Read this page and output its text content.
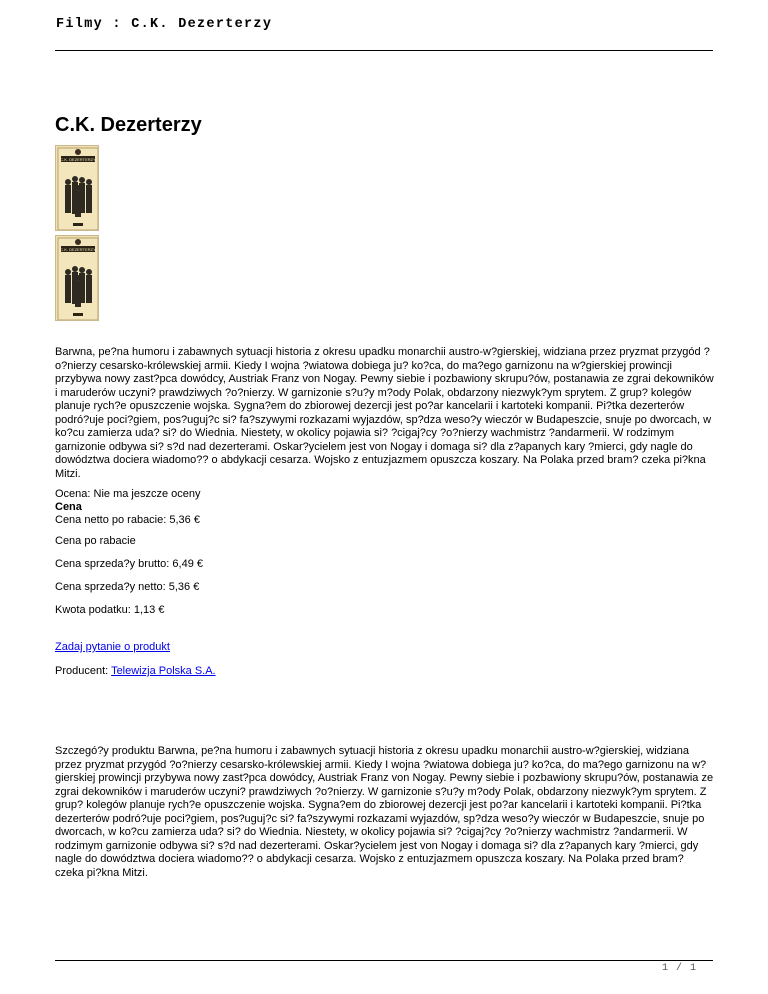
Filmy : C.K. Dezerterzy
C.K. Dezerterzy
C.K. DEZERTERZY
C.K. DEZERTERZY

Barwna, pe?na humoru i zabawnych sytuacji historia z okresu upadku monarchii austro-w?gierskiej, widziana przez pryzmat przygód ?o?nierzy cesarsko-królewskiej armii. Kiedy I wojna ?wiatowa dobiega ju? ko?ca, do ma?ego garnizonu na w?gierskiej prowincji przybywa nowy zast?pca dowódcy, Austriak Franz von Nogay. Pewny siebie i pozbawiony skrupu?ów, postanawia ze zgrai dekowników i maruderów uczyni? prawdziwych ?o?nierzy. W garnizonie s?u?y m?ody Polak, obdarzony niezwyk?ym sprytem. Z grup? kolegów planuje rych?e opuszczenie wojska. Sygna?em do zbiorowej dezercji jest po?ar kancelarii i kartoteki kompanii. Pi?tka dezerterów podró?uje poci?giem, pos?uguj?c si? fa?szywymi rozkazami wyjazdów, sp?dza weso?y wieczór w Budapeszcie, snuje po dworcach, w ko?cu zamierza uda? si? do Wiednia. Niestety, w okolicy pojawia si? ?cigaj?cy ?o?nierzy wachmistrz ?andarmerii. W rodzimym garnizonie odbywa si? s?d nad dezerterami. Oskar?ycielem jest von Nogay i domaga si? dla z?apanych kary ?mierci, gdy nagle do dowództwa dociera wiadomo?? o abdykacji cesarza. Wojsko z entuzjazmem opuszcza koszary. Na Polaka przed bram? czeka pi?kna Mitzi.

Ocena: Nie ma jeszcze oceny
Cena
Cena netto po rabacie: 5,36 €
Cena po rabacie
Cena sprzeda?y brutto: 6,49 €
Cena sprzeda?y netto: 5,36 €
Kwota podatku: 1,13 €
Zadaj pytanie o produkt
Producent: Telewizja Polska S.A.

Szczegó?y produktu Barwna, pe?na humoru i zabawnych sytuacji historia z okresu upadku monarchii austro-w?gierskiej, widziana przez pryzmat przygód ?o?nierzy cesarsko-królewskiej armii. Kiedy I wojna ?wiatowa dobiega ju? ko?ca, do ma?ego garnizonu na w?gierskiej prowincji przybywa nowy zast?pca dowódcy, Austriak Franz von Nogay. Pewny siebie i pozbawiony skrupu?ów, postanawia ze zgrai dekowników i maruderów uczyni? prawdziwych ?o?nierzy. W garnizonie s?u?y m?ody Polak, obdarzony niezwyk?ym sprytem. Z grup? kolegów planuje rych?e opuszczenie wojska. Sygna?em do zbiorowej dezercji jest po?ar kancelarii i kartoteki kompanii. Pi?tka dezerterów podró?uje poci?giem, pos?uguj?c si? fa?szywymi rozkazami wyjazdów, sp?dza weso?y wieczór w Budapeszcie, snuje po dworcach, w ko?cu zamierza uda? si? do Wiednia. Niestety, w okolicy pojawia si? ?cigaj?cy ?o?nierzy wachmistrz ?andarmerii. W rodzimym garnizonie odbywa si? s?d nad dezerterami. Oskar?ycielem jest von Nogay i domaga si? dla z?apanych kary ?mierci, gdy nagle do dowództwa dociera wiadomo?? o abdykacji cesarza. Wojsko z entuzjazmem opuszcza koszary. Na Polaka przed bram? czeka pi?kna Mitzi.

1 / 1
